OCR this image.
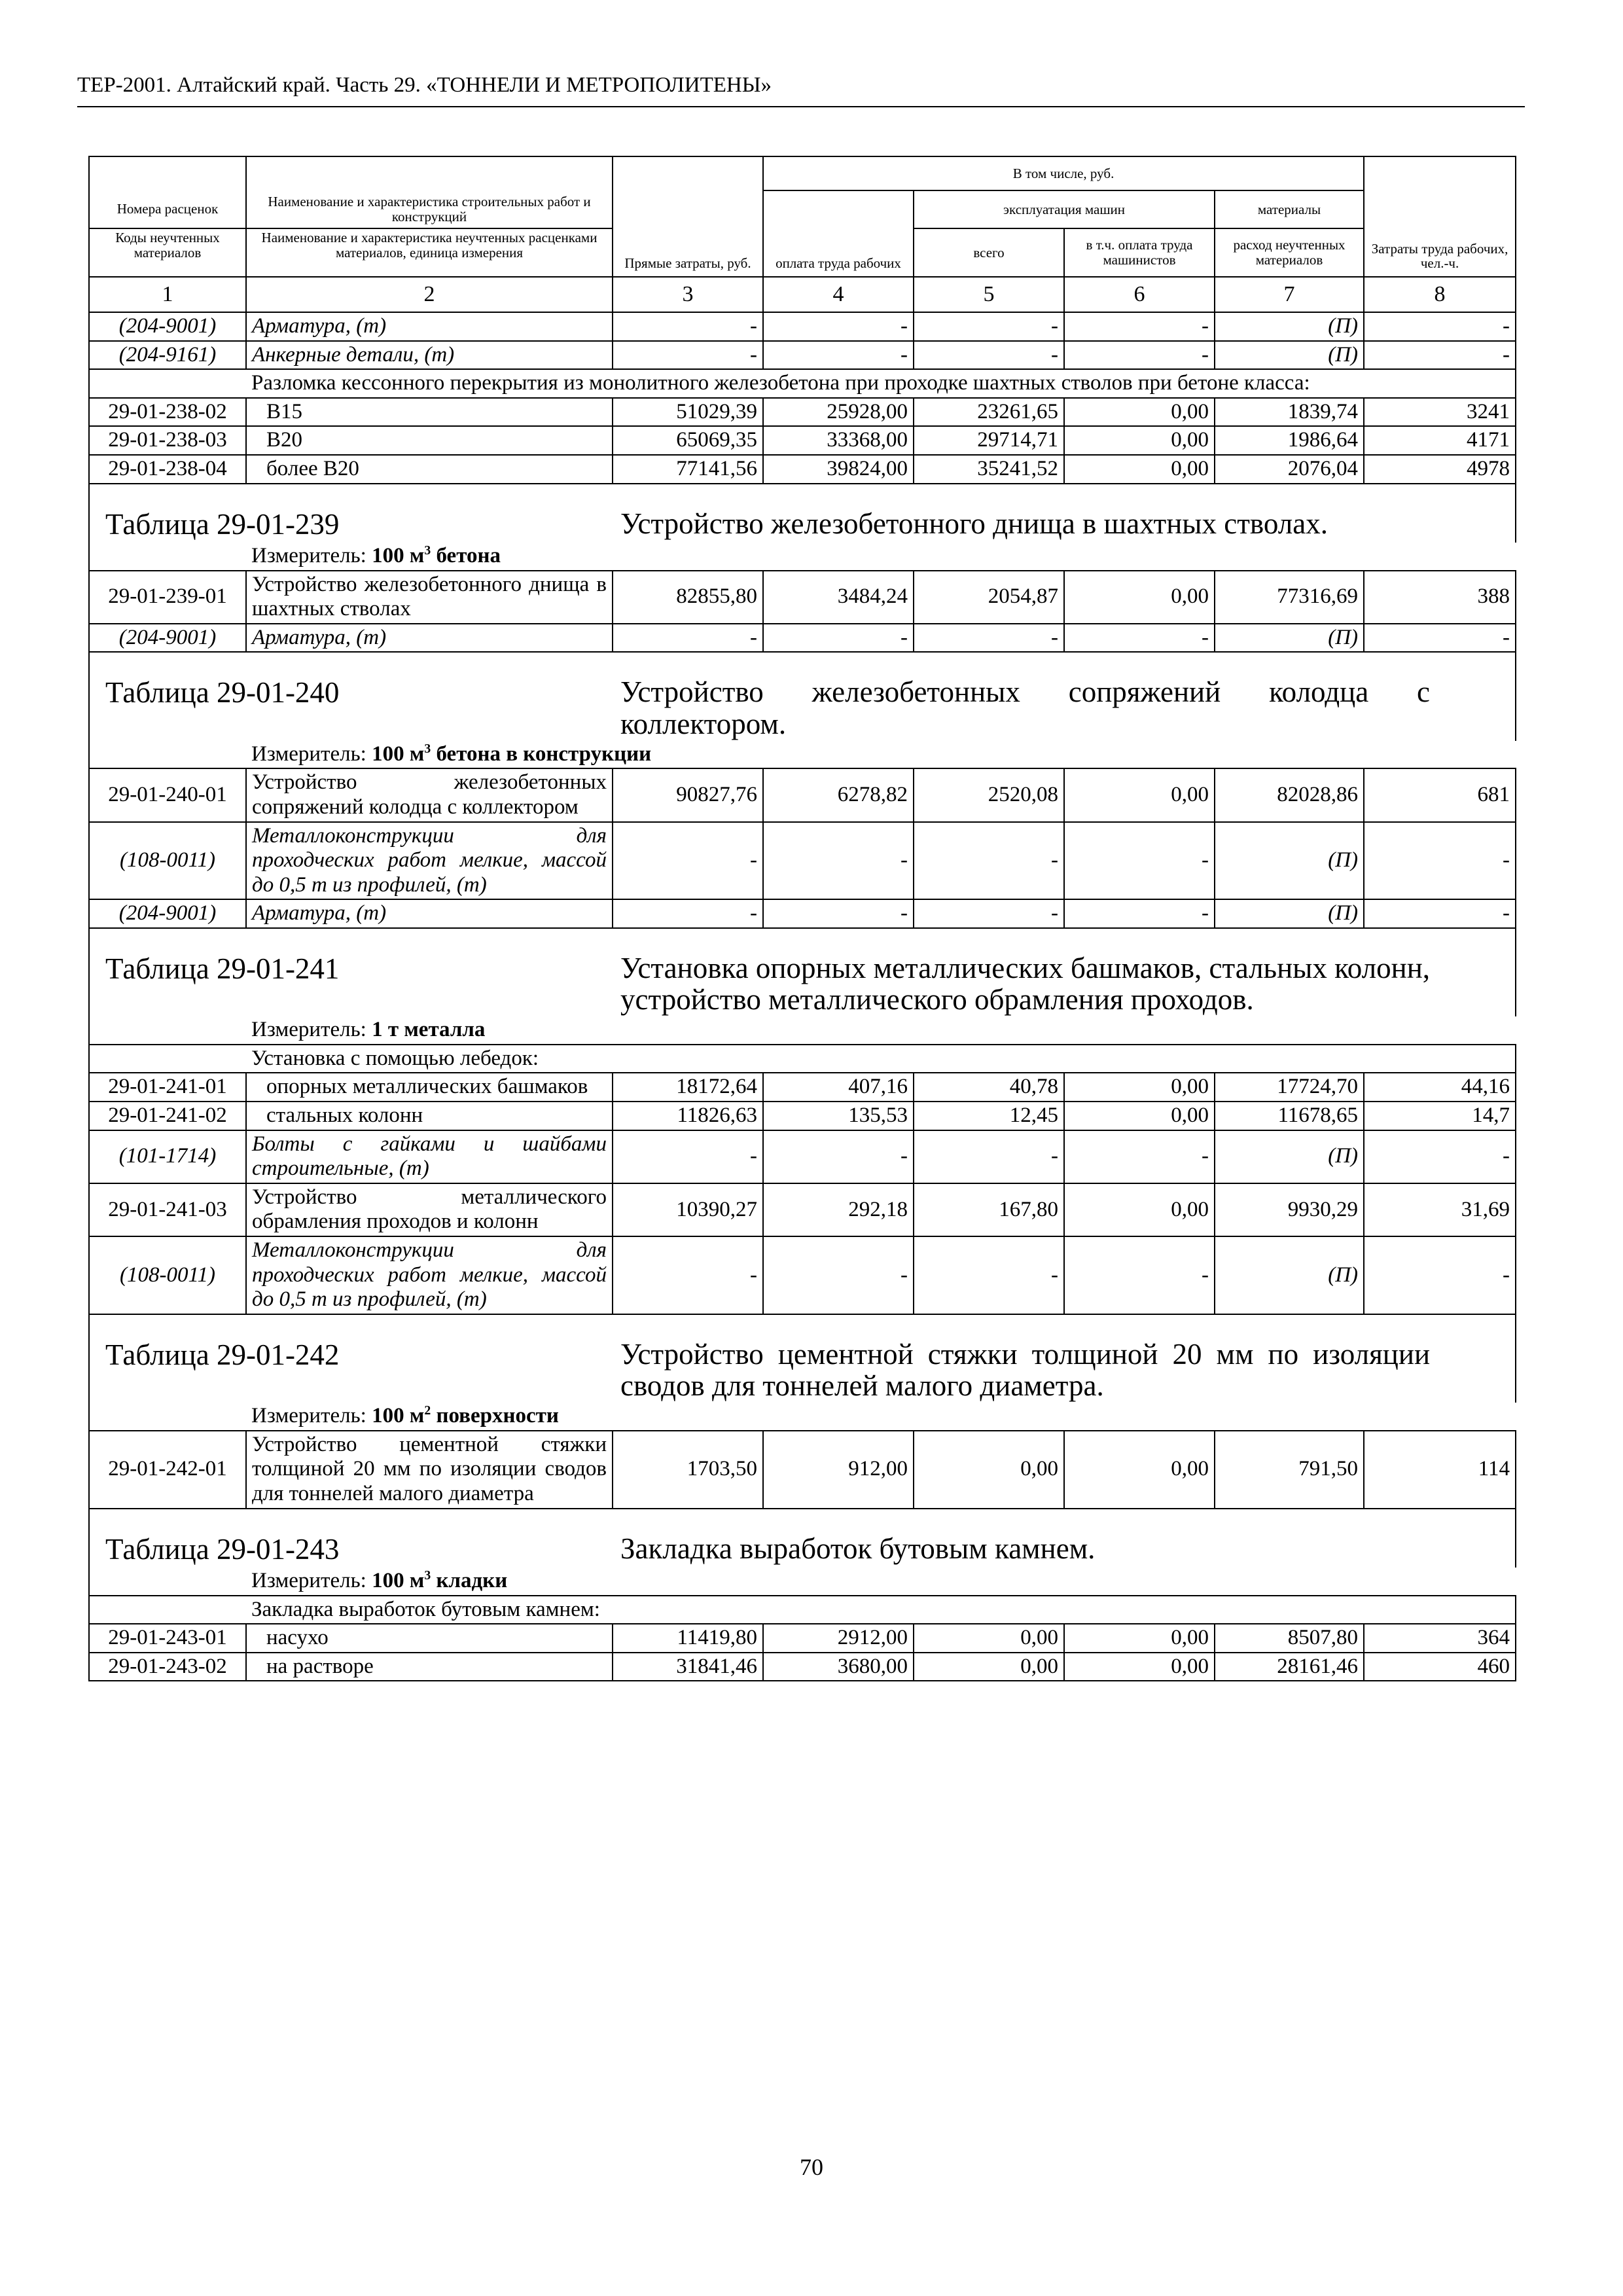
ТЕР-2001. Алтайский край. Часть 29. «ТОННЕЛИ И МЕТРОПОЛИТЕНЫ»
			В том числе, руб.				
Номера расценок	Наименование и характеристика строительных работ и конструкций	Прямые затраты, руб.		эксплуатация машин		материалы	Затраты труда рабочих, чел.-ч.
			оплата труда рабочих	всего	в т.ч. оплата труда машинистов	расход неучтенных материалов	
Коды неучтенных материалов	Наименование и характеристика неучтенных расценками материалов, единица измерения						

1	2	3	4	5	6	7	8
(204-9001)	Арматура, (т)	-	-	-	-	(П)	-
(204-9161)	Анкерные детали, (т)	-	-	-	-	(П)	-
	Разломка кессонного перекрытия из монолитного железобетона при проходке шахтных стволов при бетоне класса:						
29-01-238-02	В15	51029,39	25928,00	23261,65	0,00	1839,74	3241
29-01-238-03	В20	65069,35	33368,00	29714,71	0,00	1986,64	4171
29-01-238-04	более В20	77141,56	39824,00	35241,52	0,00	2076,04	4978
Таблица 29-01-239		Устройство железобетонного днища в шахтных стволах.					
	Измеритель: 100 $м^3$ бетона						
29-01-239-01	Устройство железобетонного днища в шахтных стволах	82855,80	3484,24	2054,87	0,00	77316,69	388
(204-9001)	Арматура, (т)	-	-	-	-	(П)	-
Таблица 29-01-240		Устройство железобетонных сопряжений колодца с коллектором.					
	Измеритель: 100 $м^3$ бетона в конструкции						
29-01-240-01	Устройство железобетонных сопряжений колодца с коллектором	90827,76	6278,82	2520,08	0,00	82028,86	681
(108-0011)	Металлоконструкции для проходческих работ мелкие, массой до 0,5 т из профилей, (т)	-	-	-	-	(П)	-
(204-9001)	Арматура, (т)	-	-	-	-	(П)	-
Таблица 29-01-241		Установка опорных металлических башмаков, стальных колонн, устройство металлического обрамления проходов.					
	Измеритель: 1 т металла						
	Установка с помощью лебедок:						
29-01-241-01	опорных металлических башмаков	18172,64	407,16	40,78	0,00	17724,70	44,16
29-01-241-02	стальных колонн	11826,63	135,53	12,45	0,00	11678,65	14,7
(101-1714)	Болты с гайками и шайбами строительные, (т)	-	-	-	-	(П)	-
29-01-241-03	Устройство металлического обрамления проходов и колонн	10390,27	292,18	167,80	0,00	9930,29	31,69
(108-0011)	Металлоконструкции для проходческих работ мелкие, массой до 0,5 т из профилей, (т)	-	-	-	-	(П)	-
Таблица 29-01-242		Устройство цементной стяжки толщиной 20 мм по изоляции сводов для тоннелей малого диаметра.					
	Измеритель: 100 $м^2$ поверхности						
29-01-242-01	Устройство цементной стяжки толщиной 20 мм по изоляции сводов для тоннелей малого диаметра	1703,50	912,00	0,00	0,00	791,50	114
Таблица 29-01-243		Закладка выработок бутовым камнем.					
	Измеритель: 100 $м^3$ кладки						
	Закладка выработок бутовым камнем:						
29-01-243-01	насухо	11419,80	2912,00	0,00	0,00	8507,80	364
29-01-243-02	на растворе	31841,46	3680,00	0,00	0,00	28161,46	460
70
